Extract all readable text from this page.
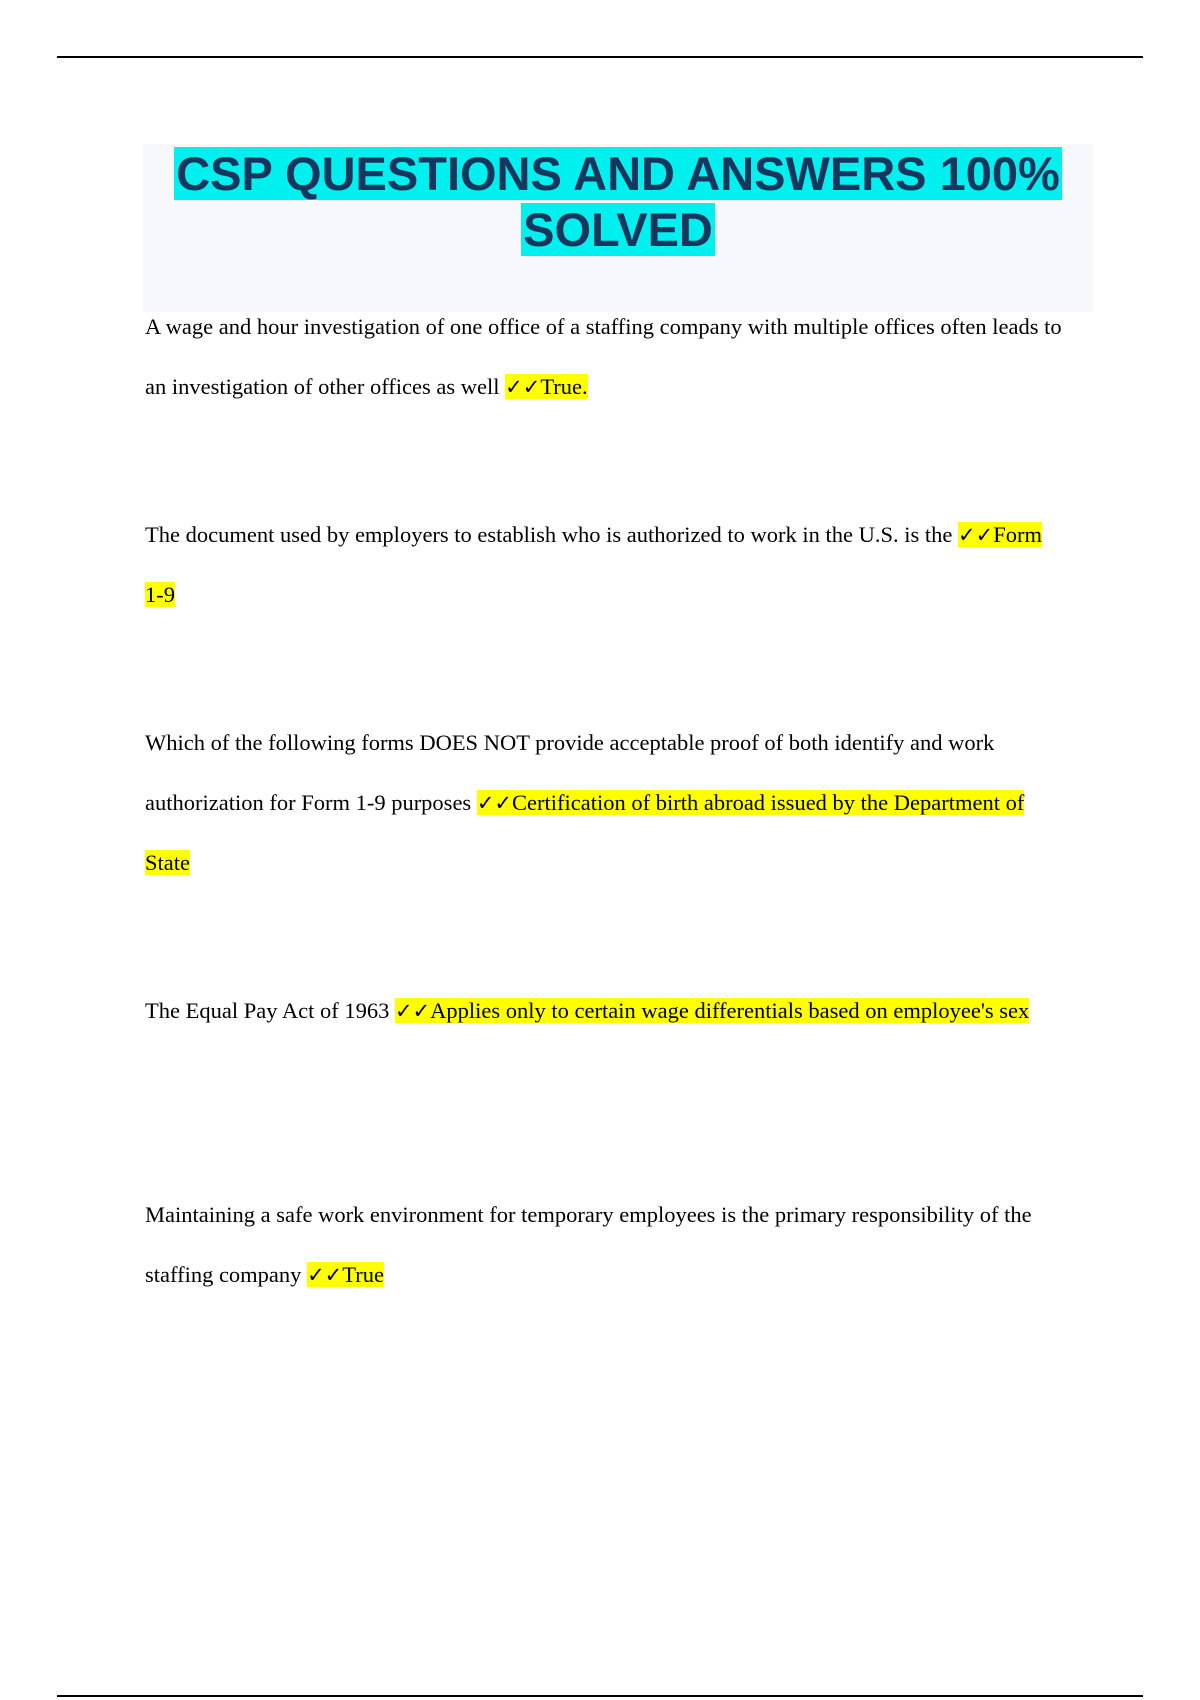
CSP QUESTIONS AND ANSWERS 100% SOLVED

A wage and hour investigation of one office of a staffing company with multiple offices often leads to an investigation of other offices as well ✓✓True.

The document used by employers to establish who is authorized to work in the U.S. is the ✓✓Form 1-9

Which of the following forms DOES NOT provide acceptable proof of both identify and work authorization for Form 1-9 purposes ✓✓Certification of birth abroad issued by the Department of State

The Equal Pay Act of 1963 ✓✓Applies only to certain wage differentials based on employee's sex

Maintaining a safe work environment for temporary employees is the primary responsibility of the staffing company ✓✓True
